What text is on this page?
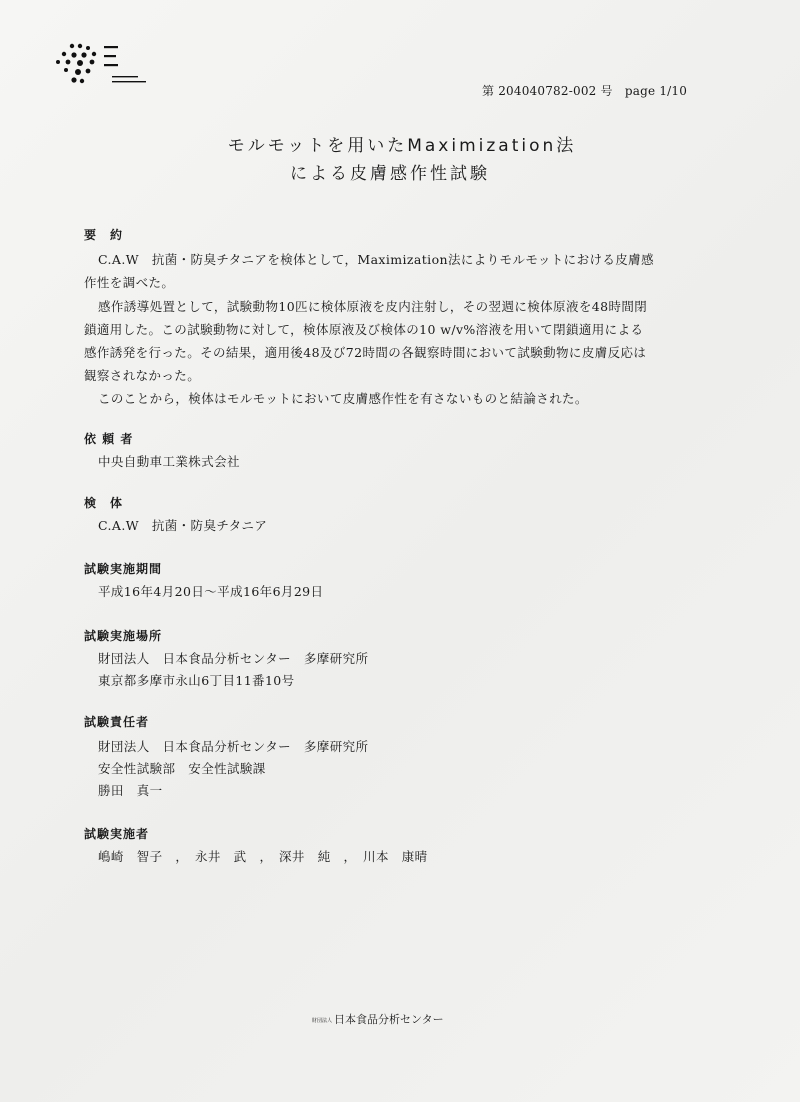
第 204040782-002 号　page 1/10
モルモットを用いたMaximization法
による皮膚感作性試験
要　約
C.A.W　抗菌・防臭チタニアを検体として，Maximization法によりモルモットにおける皮膚感
作性を調べた。
感作誘導処置として，試験動物10匹に検体原液を皮内注射し，その翌週に検体原液を48時間閉
鎖適用した。この試験動物に対して，検体原液及び検体の10 w/v%溶液を用いて閉鎖適用による
感作誘発を行った。その結果，適用後48及び72時間の各観察時間において試験動物に皮膚反応は
観察されなかった。
このことから，検体はモルモットにおいて皮膚感作性を有さないものと結論された。
依 頼 者
中央自動車工業株式会社
検　体
C.A.W　抗菌・防臭チタニア
試験実施期間
平成16年4月20日～平成16年6月29日
試験実施場所
財団法人　日本食品分析センター　多摩研究所
東京都多摩市永山6丁目11番10号
試験責任者
財団法人　日本食品分析センター　多摩研究所
安全性試験部　安全性試験課
勝田　真一
試験実施者
嶋崎　智子　，　永井　武　，　深井　純　，　川本　康晴
財団法人 日本食品分析センター
